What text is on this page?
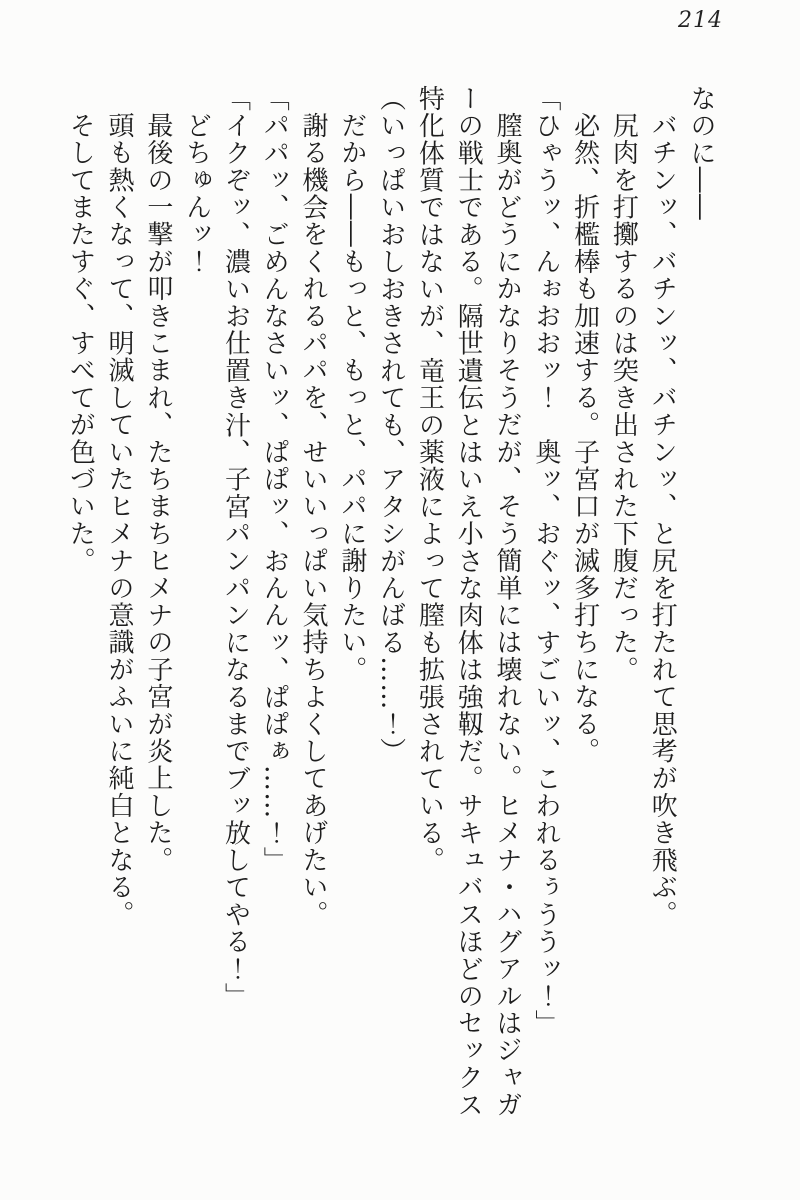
214
なのに――
バチンッ、バチンッ、バチンッ、と尻を打たれて思考が吹き飛ぶ。
尻肉を打擲するのは突き出された下腹だった。
必然、折檻棒も加速する。子宮口が滅多打ちになる。
「ひゃうッ、んぉおおッ！　奥ッ、おぐッ、すごいッ、こわれるぅううッ！」
膣奥がどうにかなりそうだが、そう簡単には壊れない。ヒメナ・ハグアルはジャガ
ーの戦士である。隔世遺伝とはいえ小さな肉体は強靱だ。サキュバスほどのセックス
特化体質ではないが、竜王の薬液によって膣も拡張されている。
（いっぱいおしおきされても、アタシがんばる……！）
だから――もっと、もっと、パパに謝りたい。
謝る機会をくれるパパを、せいいっぱい気持ちよくしてあげたい。
「パパッ、ごめんなさいッ、ぱぱッ、おんんッ、ぱぱぁ……！」
「イクぞッ、濃いお仕置き汁、子宮パンパンになるまでブッ放してやる！」
どちゅんッ！
最後の一撃が叩きこまれ、たちまちヒメナの子宮が炎上した。
頭も熱くなって、明滅していたヒメナの意識がふいに純白となる。
そしてまたすぐ、すべてが色づいた。
